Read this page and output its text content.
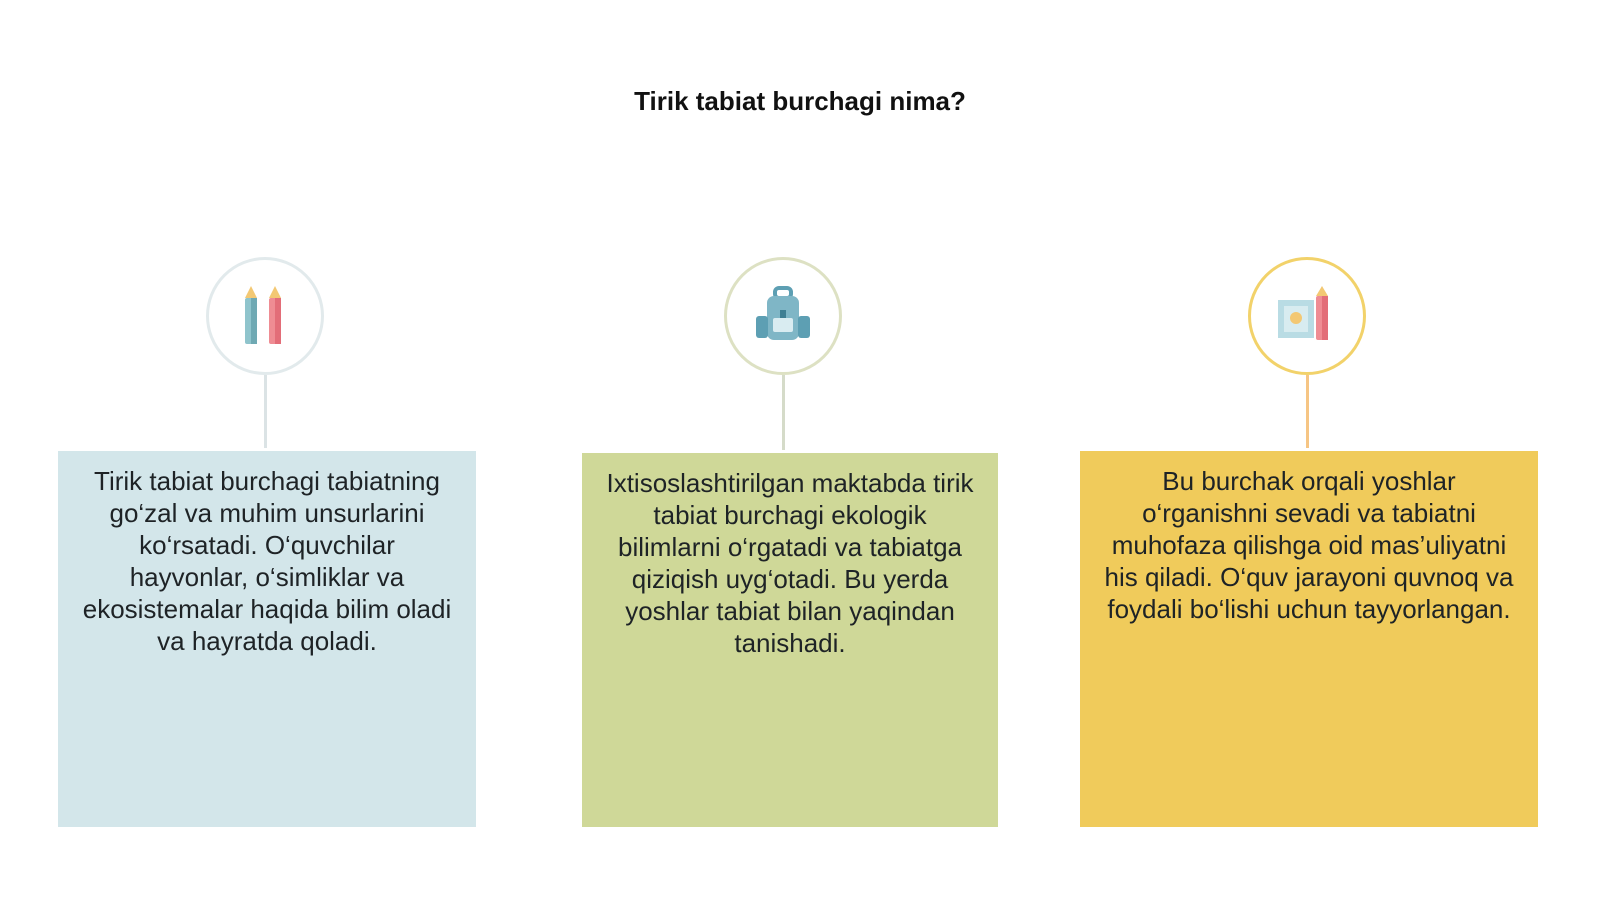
Tirik tabiat burchagi nima?

Tirik tabiat burchagi tabiatning go‘zal va muhim unsurlarini ko‘rsatadi. O‘quvchilar hayvonlar, o‘simliklar va ekosistemalar haqida bilim oladi va hayratda qoladi.

Ixtisoslashtirilgan maktabda tirik tabiat burchagi ekologik bilimlarni o‘rgatadi va tabiatga qiziqish uyg‘otadi. Bu yerda yoshlar tabiat bilan yaqindan tanishadi.

Bu burchak orqali yoshlar o‘rganishni sevadi va tabiatni muhofaza qilishga oid mas’uliyatni his qiladi. O‘quv jarayoni quvnoq va foydali bo‘lishi uchun tayyorlangan.
